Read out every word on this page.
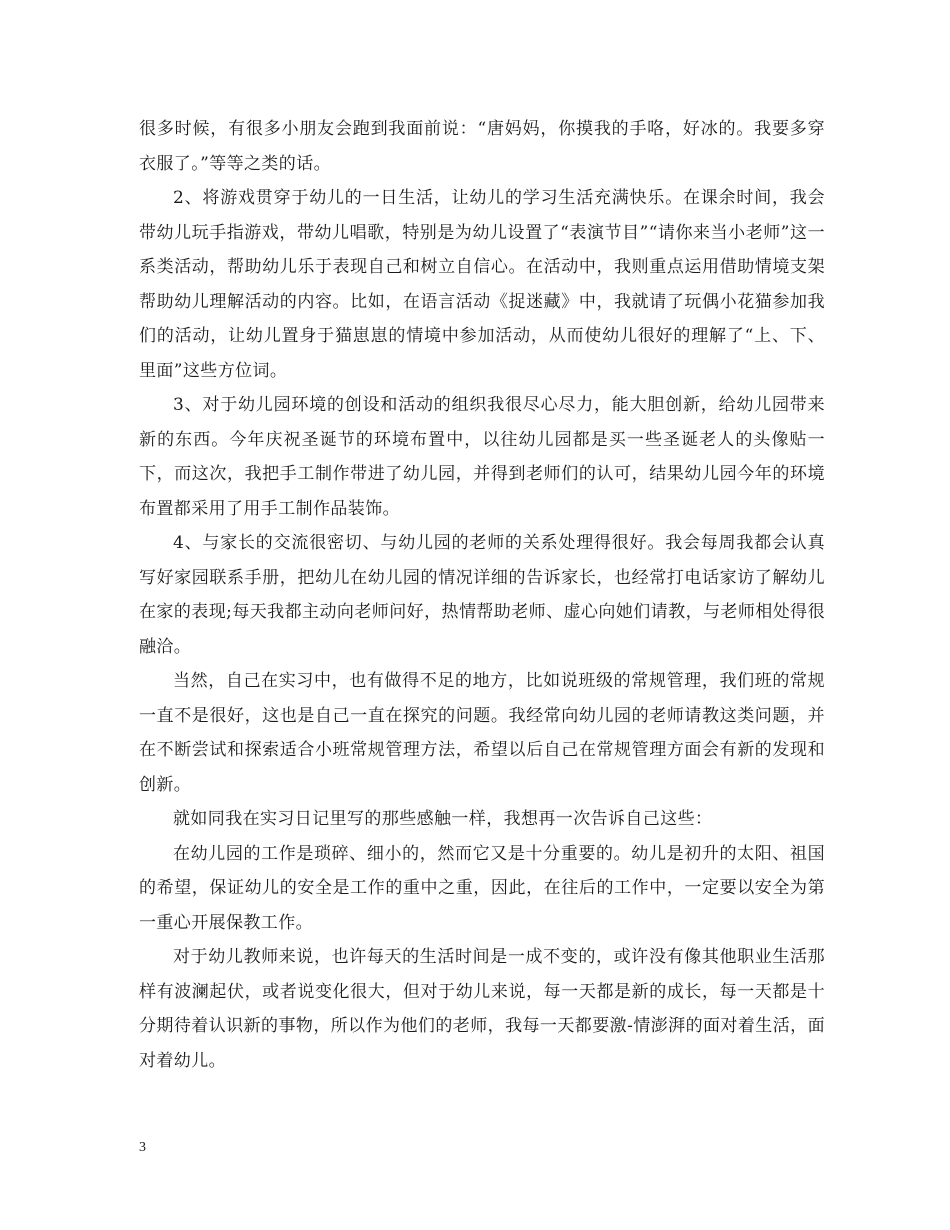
很多时候，有很多小朋友会跑到我面前说：“唐妈妈，你摸我的手咯，好冰的。我要多穿衣服了。”等等之类的话。

2、将游戏贯穿于幼儿的一日生活，让幼儿的学习生活充满快乐。在课余时间，我会带幼儿玩手指游戏，带幼儿唱歌，特别是为幼儿设置了“表演节目”“请你来当小老师”这一系类活动，帮助幼儿乐于表现自己和树立自信心。在活动中，我则重点运用借助情境支架帮助幼儿理解活动的内容。比如，在语言活动《捉迷藏》中，我就请了玩偶小花猫参加我们的活动，让幼儿置身于猫崽崽的情境中参加活动，从而使幼儿很好的理解了“上、下、里面”这些方位词。

3、对于幼儿园环境的创设和活动的组织我很尽心尽力，能大胆创新，给幼儿园带来新的东西。今年庆祝圣诞节的环境布置中，以往幼儿园都是买一些圣诞老人的头像贴一下，而这次，我把手工制作带进了幼儿园，并得到老师们的认可，结果幼儿园今年的环境布置都采用了用手工制作品装饰。

4、与家长的交流很密切、与幼儿园的老师的关系处理得很好。我会每周我都会认真写好家园联系手册，把幼儿在幼儿园的情况详细的告诉家长，也经常打电话家访了解幼儿在家的表现;每天我都主动向老师问好，热情帮助老师、虚心向她们请教，与老师相处得很融洽。

当然，自己在实习中，也有做得不足的地方，比如说班级的常规管理，我们班的常规一直不是很好，这也是自己一直在探究的问题。我经常向幼儿园的老师请教这类问题，并在不断尝试和探索适合小班常规管理方法，希望以后自己在常规管理方面会有新的发现和创新。

就如同我在实习日记里写的那些感触一样，我想再一次告诉自己这些：

在幼儿园的工作是琐碎、细小的，然而它又是十分重要的。幼儿是初升的太阳、祖国的希望，保证幼儿的安全是工作的重中之重，因此，在往后的工作中，一定要以安全为第一重心开展保教工作。

对于幼儿教师来说，也许每天的生活时间是一成不变的，或许没有像其他职业生活那样有波澜起伏，或者说变化很大，但对于幼儿来说，每一天都是新的成长，每一天都是十分期待着认识新的事物，所以作为他们的老师，我每一天都要激-情澎湃的面对着生活，面对着幼儿。

3
